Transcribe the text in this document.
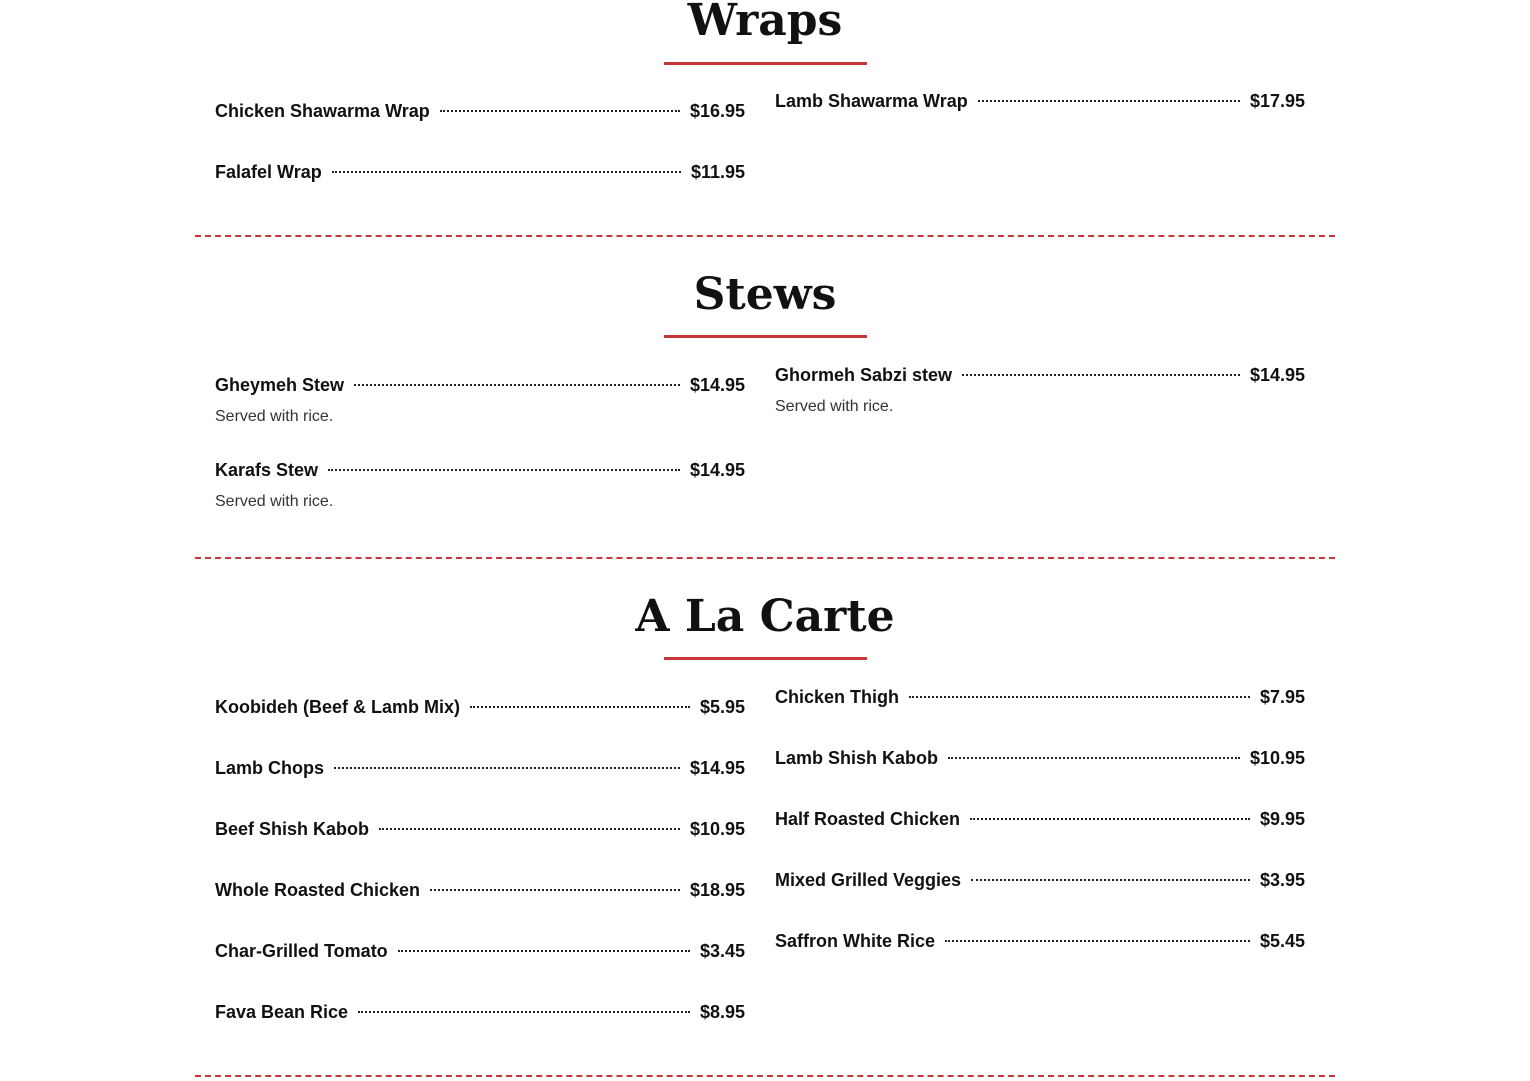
Wraps
Chicken Shawarma Wrap	$16.95
Falafel Wrap	$11.95
Lamb Shawarma Wrap	$17.95
Stews
Gheymeh Stew	$14.95
Served with rice.
Karafs Stew	$14.95
Served with rice.
Ghormeh Sabzi stew	$14.95
Served with rice.
A La Carte
Koobideh (Beef & Lamb Mix)	$5.95
Lamb Chops	$14.95
Beef Shish Kabob	$10.95
Whole Roasted Chicken	$18.95
Char-Grilled Tomato	$3.45
Fava Bean Rice	$8.95
Chicken Thigh	$7.95
Lamb Shish Kabob	$10.95
Half Roasted Chicken	$9.95
Mixed Grilled Veggies	$3.95
Saffron White Rice	$5.45
